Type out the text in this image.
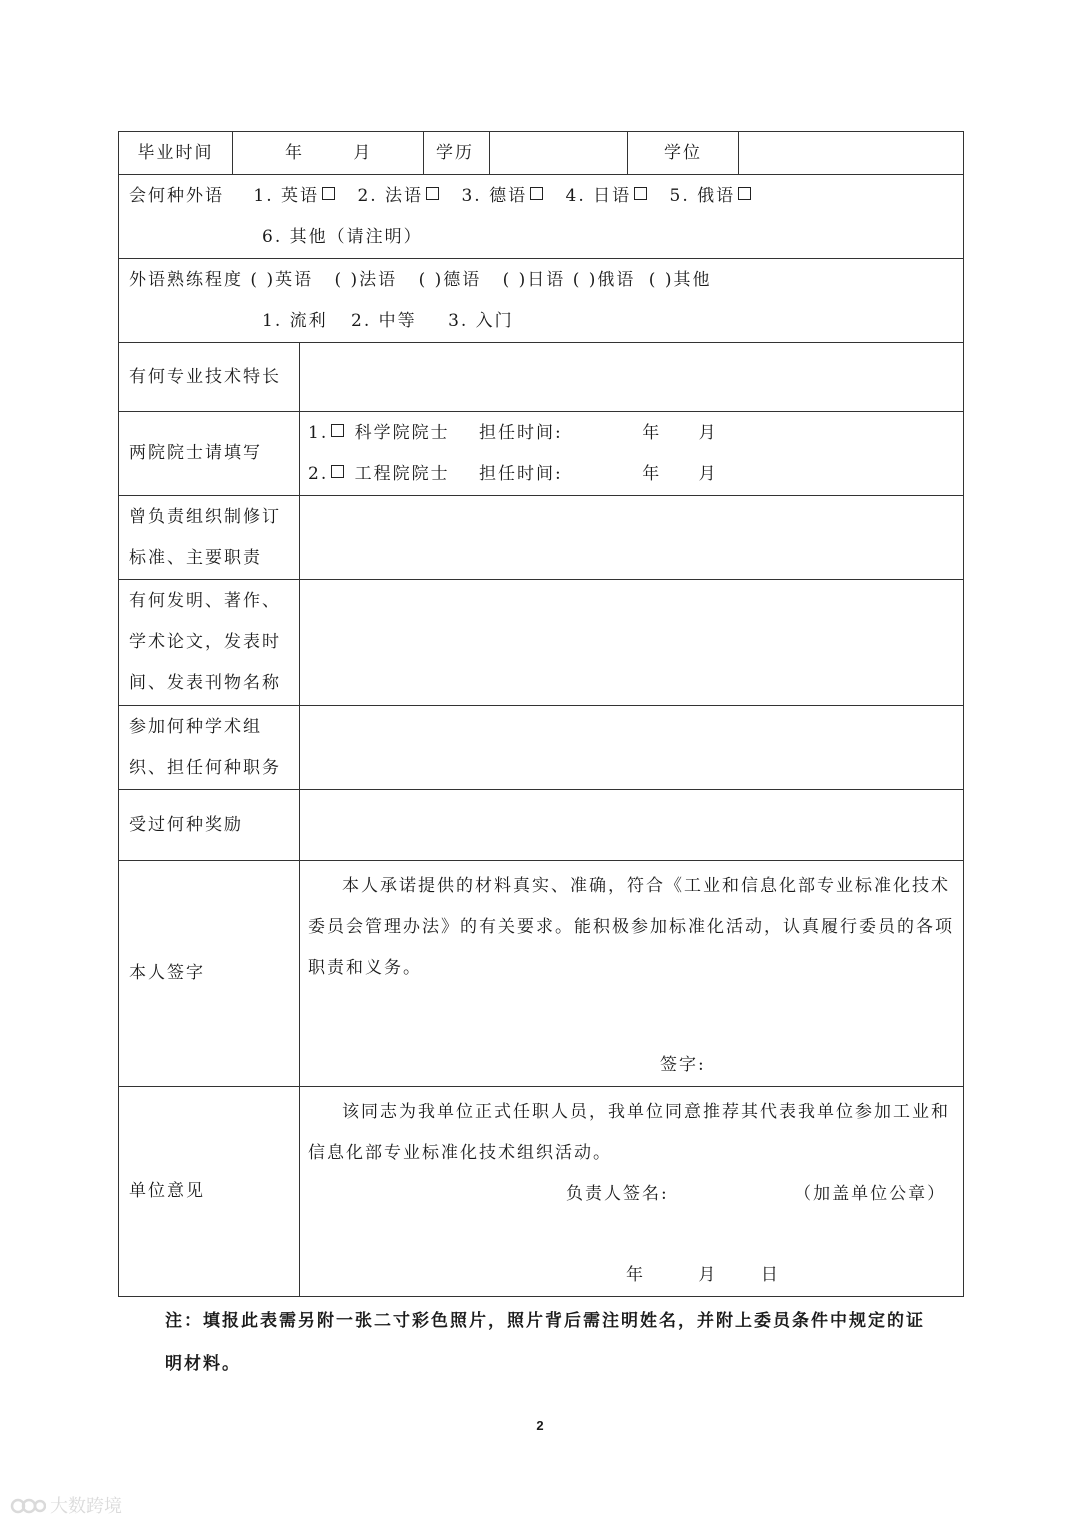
毕业时间	年 月		学历		学位	

会何种外语 1. 英语 2. 法语 3. 德语 4. 日语 5. 俄语
6. 其他（请注明）						

外语熟练程度 ( )英语 ( )法语 ( )德语 ( )日语 ( )俄语 ( )其他
1. 流利 2. 中等 3. 入门						

有何专业技术特长						
两院院士请填写		1. 科学院院士 担任时间: 年 月
2. 工程院院士 担任时间: 年 月				

曾负责组织制修订
标准、主要职责						

有何发明、著作、
学术论文，发表时
间、发表刊物名称						

参加何种学术组
织、担任何种职务						

受过何种奖励						
本人签字		本人承诺提供的材料真实、准确，符合《工业和信息化部专业标准化技术委员会管理办法》的有关要求。能积极参加标准化活动，认真履行委员的各项职责和义务。
签字:				

单位意见		该同志为我单位正式任职人员，我单位同意推荐其代表我单位参加工业和信息化部专业标准化技术组织活动。
负责人签名: （加盖单位公章）
年 月 日				
注：填报此表需另附一张二寸彩色照片，照片背后需注明姓名，并附上委员条件中规定的证明材料。
2
大数跨境
